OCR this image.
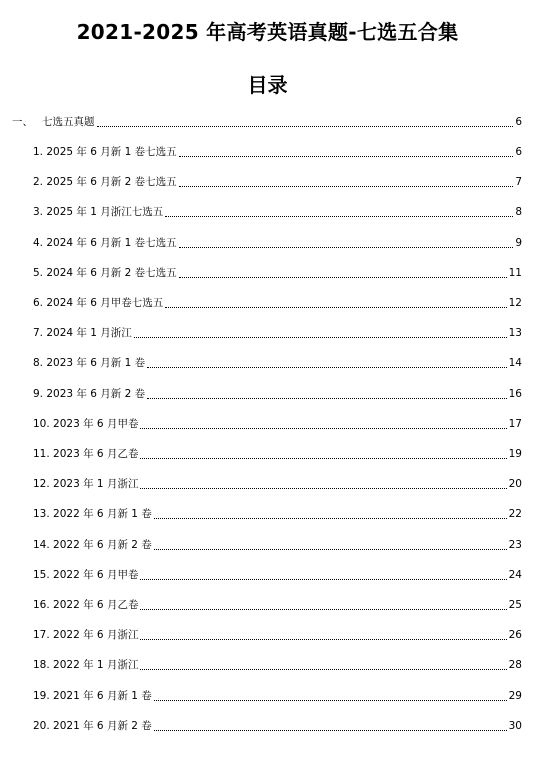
2021-2025 年高考英语真题-七选五合集
目录
一、 七选五真题	6
1. 2025 年 6 月新 1 卷七选五	6
2. 2025 年 6 月新 2 卷七选五	7
3. 2025 年 1 月浙江七选五	8
4. 2024 年 6 月新 1 卷七选五	9
5. 2024 年 6 月新 2 卷七选五	11
6. 2024 年 6 月甲卷七选五	12
7. 2024 年 1 月浙江	13
8. 2023 年 6 月新 1 卷	14
9. 2023 年 6 月新 2 卷	16
10. 2023 年 6 月甲卷	17
11. 2023 年 6 月乙卷	19
12. 2023 年 1 月浙江	20
13. 2022 年 6 月新 1 卷	22
14. 2022 年 6 月新 2 卷	23
15. 2022 年 6 月甲卷	24
16. 2022 年 6 月乙卷	25
17. 2022 年 6 月浙江	26
18. 2022 年 1 月浙江	28
19. 2021 年 6 月新 1 卷	29
20. 2021 年 6 月新 2 卷	30
